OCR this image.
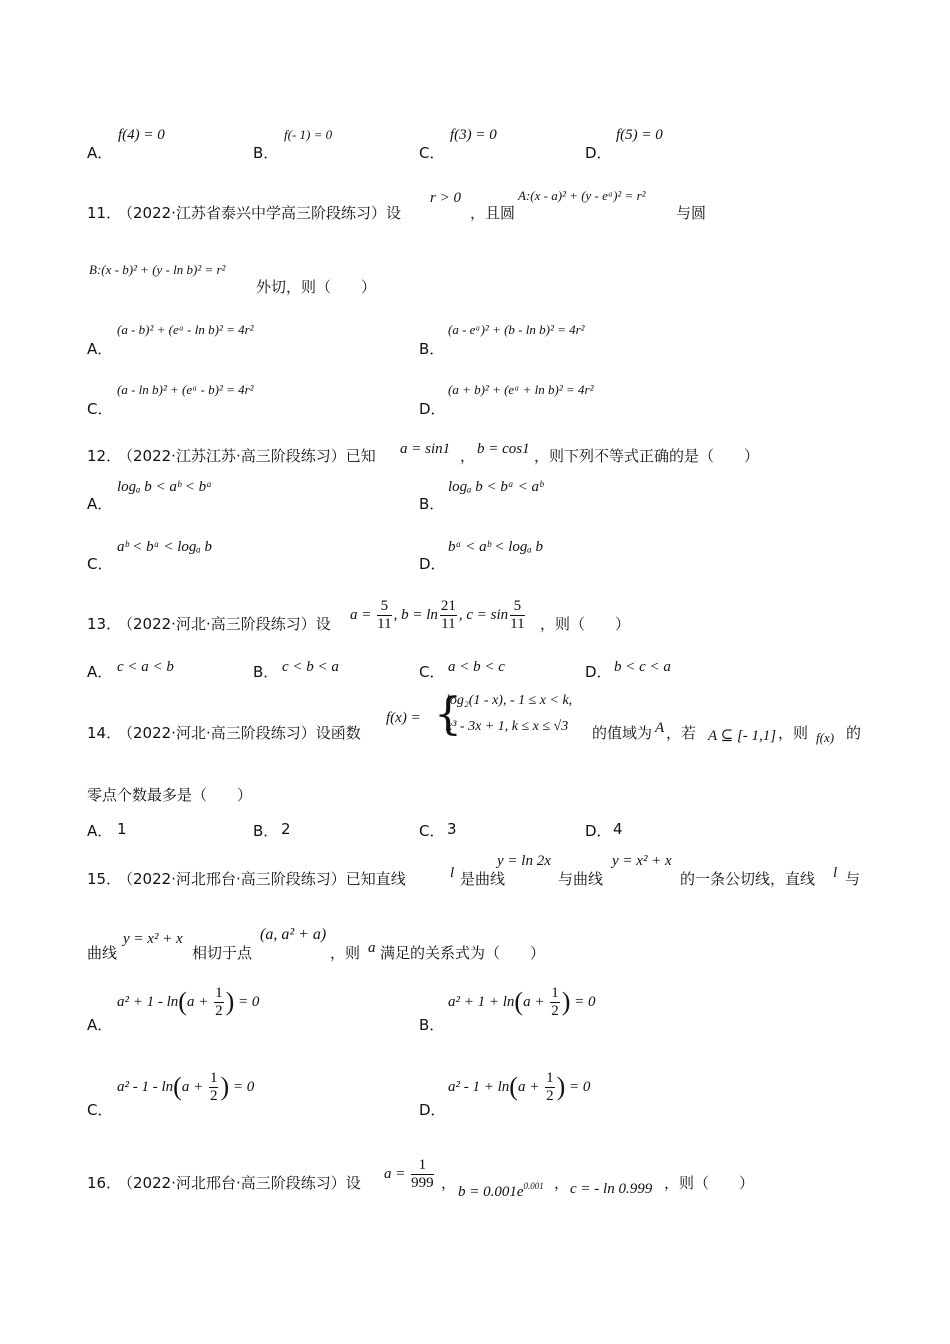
A．
f(4) = 0
B．
f(- 1) = 0
C．
f(3) = 0
D．
f(5) = 0
11．
（2022·江苏省泰兴中学高三阶段练习）设
r > 0
，且圆
A:(x - a)² + (y - eᵃ)² = r²
与圆
B:(x - b)² + (y - ln b)² = r²
外切，则（　　）
A．
(a - b)² + (eᵃ - ln b)² = 4r²
B．
(a - eᵃ)² + (b - ln b)² = 4r²
C．
(a - ln b)² + (eᵃ - b)² = 4r²
D．
(a + b)² + (eᵃ + ln b)² = 4r²
12．
（2022·江苏江苏·高三阶段练习）已知 a = sin1 ， b = cos1 ，则下列不等式正确的是（　　）
A．
logₐ b < aᵇ < bᵃ
B．
logₐ b < bᵃ < aᵇ
C．
aᵇ < bᵃ < logₐ b
D．
bᵃ < aᵇ < logₐ b
13．
（2022·河北·高三阶段练习）设
$a = \frac{5}{11}$ , $b = \ln \frac{21}{11}$ , $c = \sin \frac{5}{11}$ ，则（　　）
A． c < a < b	B． c < b < a	C． a < b < c	D． b < c < a
14．
（2022·河北·高三阶段练习）设函数
f(x) = {
log₂(1 - x), - 1 ≤ x < k,
x³ - 3x + 1, k ≤ x ≤ √3 的值域为 A ，若 A ⊆ [- 1,1] ，则 f(x) 的
零点个数最多是（　　）
A． 1	B． 2	C． 3	D． 4
15．
（2022·河北邢台·高三阶段练习）已知直线	l 是曲线
y = ln 2x
与曲线
y = x² + x
的一条公切线，直线 l 与
曲线
y = x² + x
相切于点
(a, a² + a)
，则 a 满足的关系式为（　　）
A．
$a^2 + 1 - \ln(a + \frac{1}{2}$ ) = 0
B．
$a^2 + 1 + \ln(a + \frac{1}{2}$ ) = 0
C．
$a^2 - 1 - \ln(a + \frac{1}{2}$ ) = 0
D．
$a^2 - 1 + \ln(a + \frac{1}{2}$ ) = 0
16．
（2022·河北邢台·高三阶段练习）设
$a = \frac{1}{999}$ ， $b = 0.001e^{0.001}$ ， c = - ln 0.999 ，则（　　）
